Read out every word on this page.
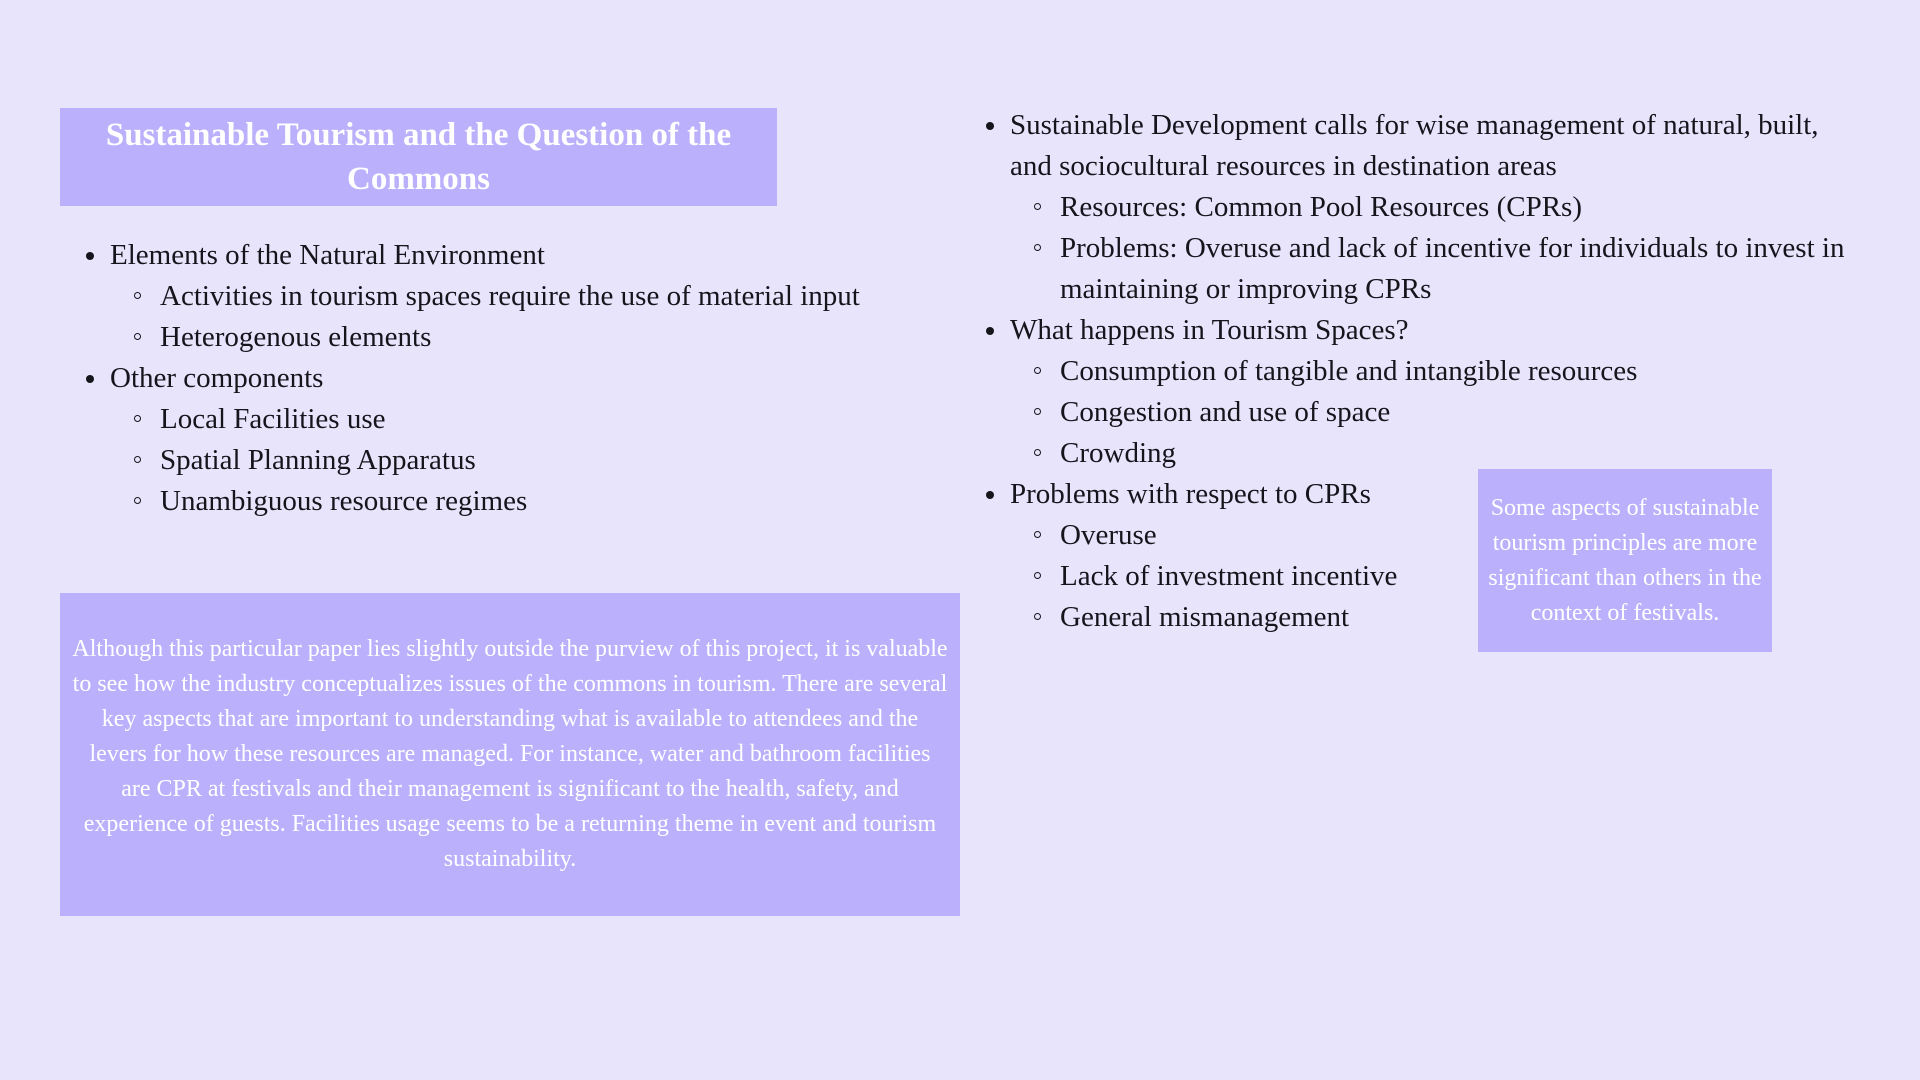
Sustainable Tourism and the Question of the Commons
Elements of the Natural Environment
Activities in tourism spaces require the use of material input
Heterogenous elements
Other components
Local Facilities use
Spatial Planning Apparatus
Unambiguous resource regimes

Although this particular paper lies slightly outside the purview of this project, it is valuable to see how the industry conceptualizes issues of the commons in tourism. There are several key aspects that are important to understanding what is available to attendees and the levers for how these resources are managed. For instance, water and bathroom facilities are CPR at festivals and their management is significant to the health, safety, and experience of guests. Facilities usage seems to be a returning theme in event and tourism sustainability.

Sustainable Development calls for wise management of natural, built, and sociocultural resources in destination areas
Resources: Common Pool Resources (CPRs)
Problems: Overuse and lack of incentive for individuals to invest in maintaining or improving CPRs
What happens in Tourism Spaces?
Consumption of tangible and intangible resources
Congestion and use of space
Crowding
Problems with respect to CPRs
Overuse
Lack of investment incentive
General mismanagement

Some aspects of sustainable tourism principles are more significant than others in the context of festivals.
